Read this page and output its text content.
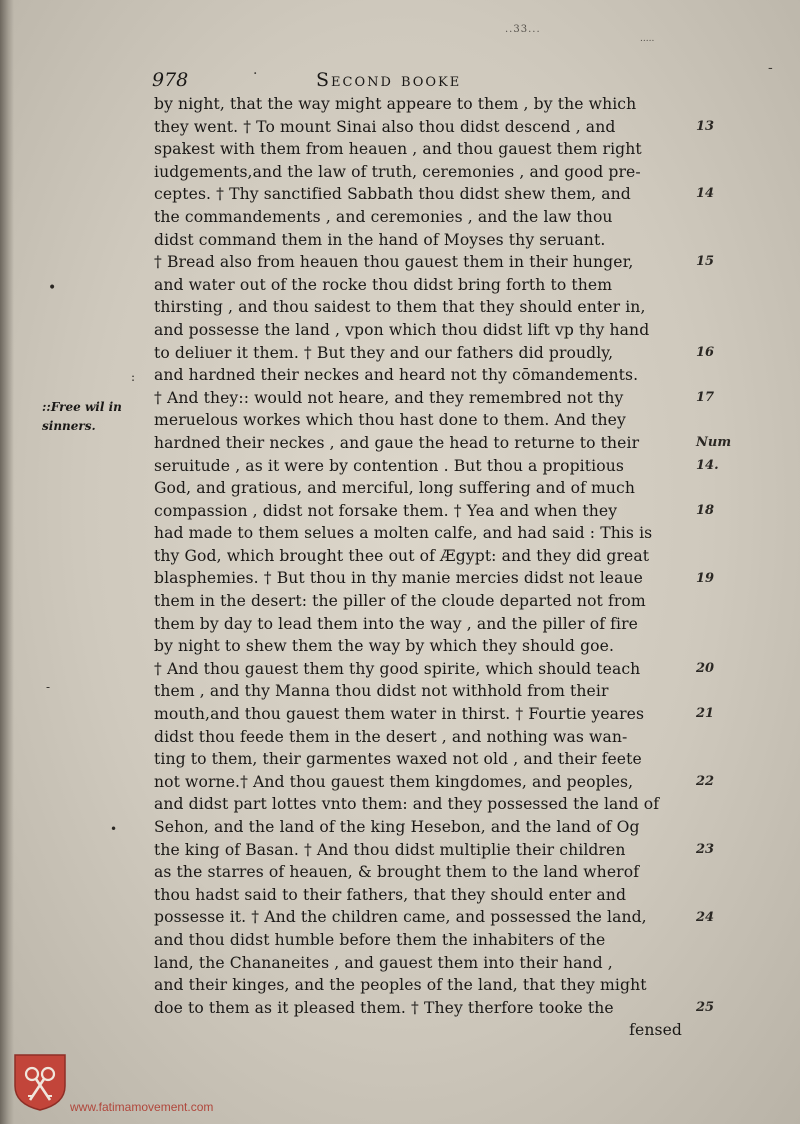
..33...
.....
978	·	Second booke
-
by night, that the way might appeare to them , by the which
they went. † To mount Sinai also thou didst descend , and
spakest with them from heauen , and thou gauest them right
iudgements,and the law of truth, ceremonies , and good pre-
ceptes. † Thy sanctified Sabbath thou didst shew them, and
the commandements , and ceremonies , and the law thou
didst command them in the hand of Moyses thy seruant.
† Bread also from heauen thou gauest them in their hunger,
and water out of the rocke thou didst bring forth to them
thirsting , and thou saidest to them that they should enter in,
and possesse the land , vpon which thou didst lift vp thy hand
to deliuer it them. † But they and our fathers did proudly,
and hardned their neckes and heard not thy cōmandements.
† And they:: would not heare, and they remembred not thy
meruelous workes which thou hast done to them. And they
hardned their neckes , and gaue the head to returne to their
seruitude , as it were by contention . But thou a propitious
God, and gratious, and merciful, long suffering and of much
compassion , didst not forsake them. † Yea and when they
had made to them selues a molten calfe, and had said : This is
thy God, which brought thee out of Ægypt: and they did great
blasphemies. † But thou in thy manie mercies didst not leaue
them in the desert: the piller of the cloude departed not from
them by day to lead them into the way , and the piller of fire
by night to shew them the way by which they should goe.
† And thou gauest them thy good spirite, which should teach
them , and thy Manna thou didst not withhold from their
mouth,and thou gauest them water in thirst. † Fourtie yeares
didst thou feede them in the desert , and nothing was wan-
ting to them, their garmentes waxed not old , and their feete
not worne.† And thou gauest them kingdomes, and peoples,
and didst part lottes vnto them: and they possessed the land of
Sehon, and the land of the king Hesebon, and the land of Og
the king of Basan. † And thou didst multiplie their children
as the starres of heauen, & brought them to the land wherof
thou hadst said to their fathers, that they should enter and
possesse it. † And the children came, and possessed the land,
and thou didst humble before them the inhabiters of the
land, the Chananeites , and gauest them into their hand ,
and their kinges, and the peoples of the land, that they might
doe to them as it pleased them. † They therfore tooke the
fensed
13
14
15
16
17
Num
14.
18
19
20
21
22
23
24
25
::Free wil in
sinners.
•
:
-
•
www.fatimamovement.com
